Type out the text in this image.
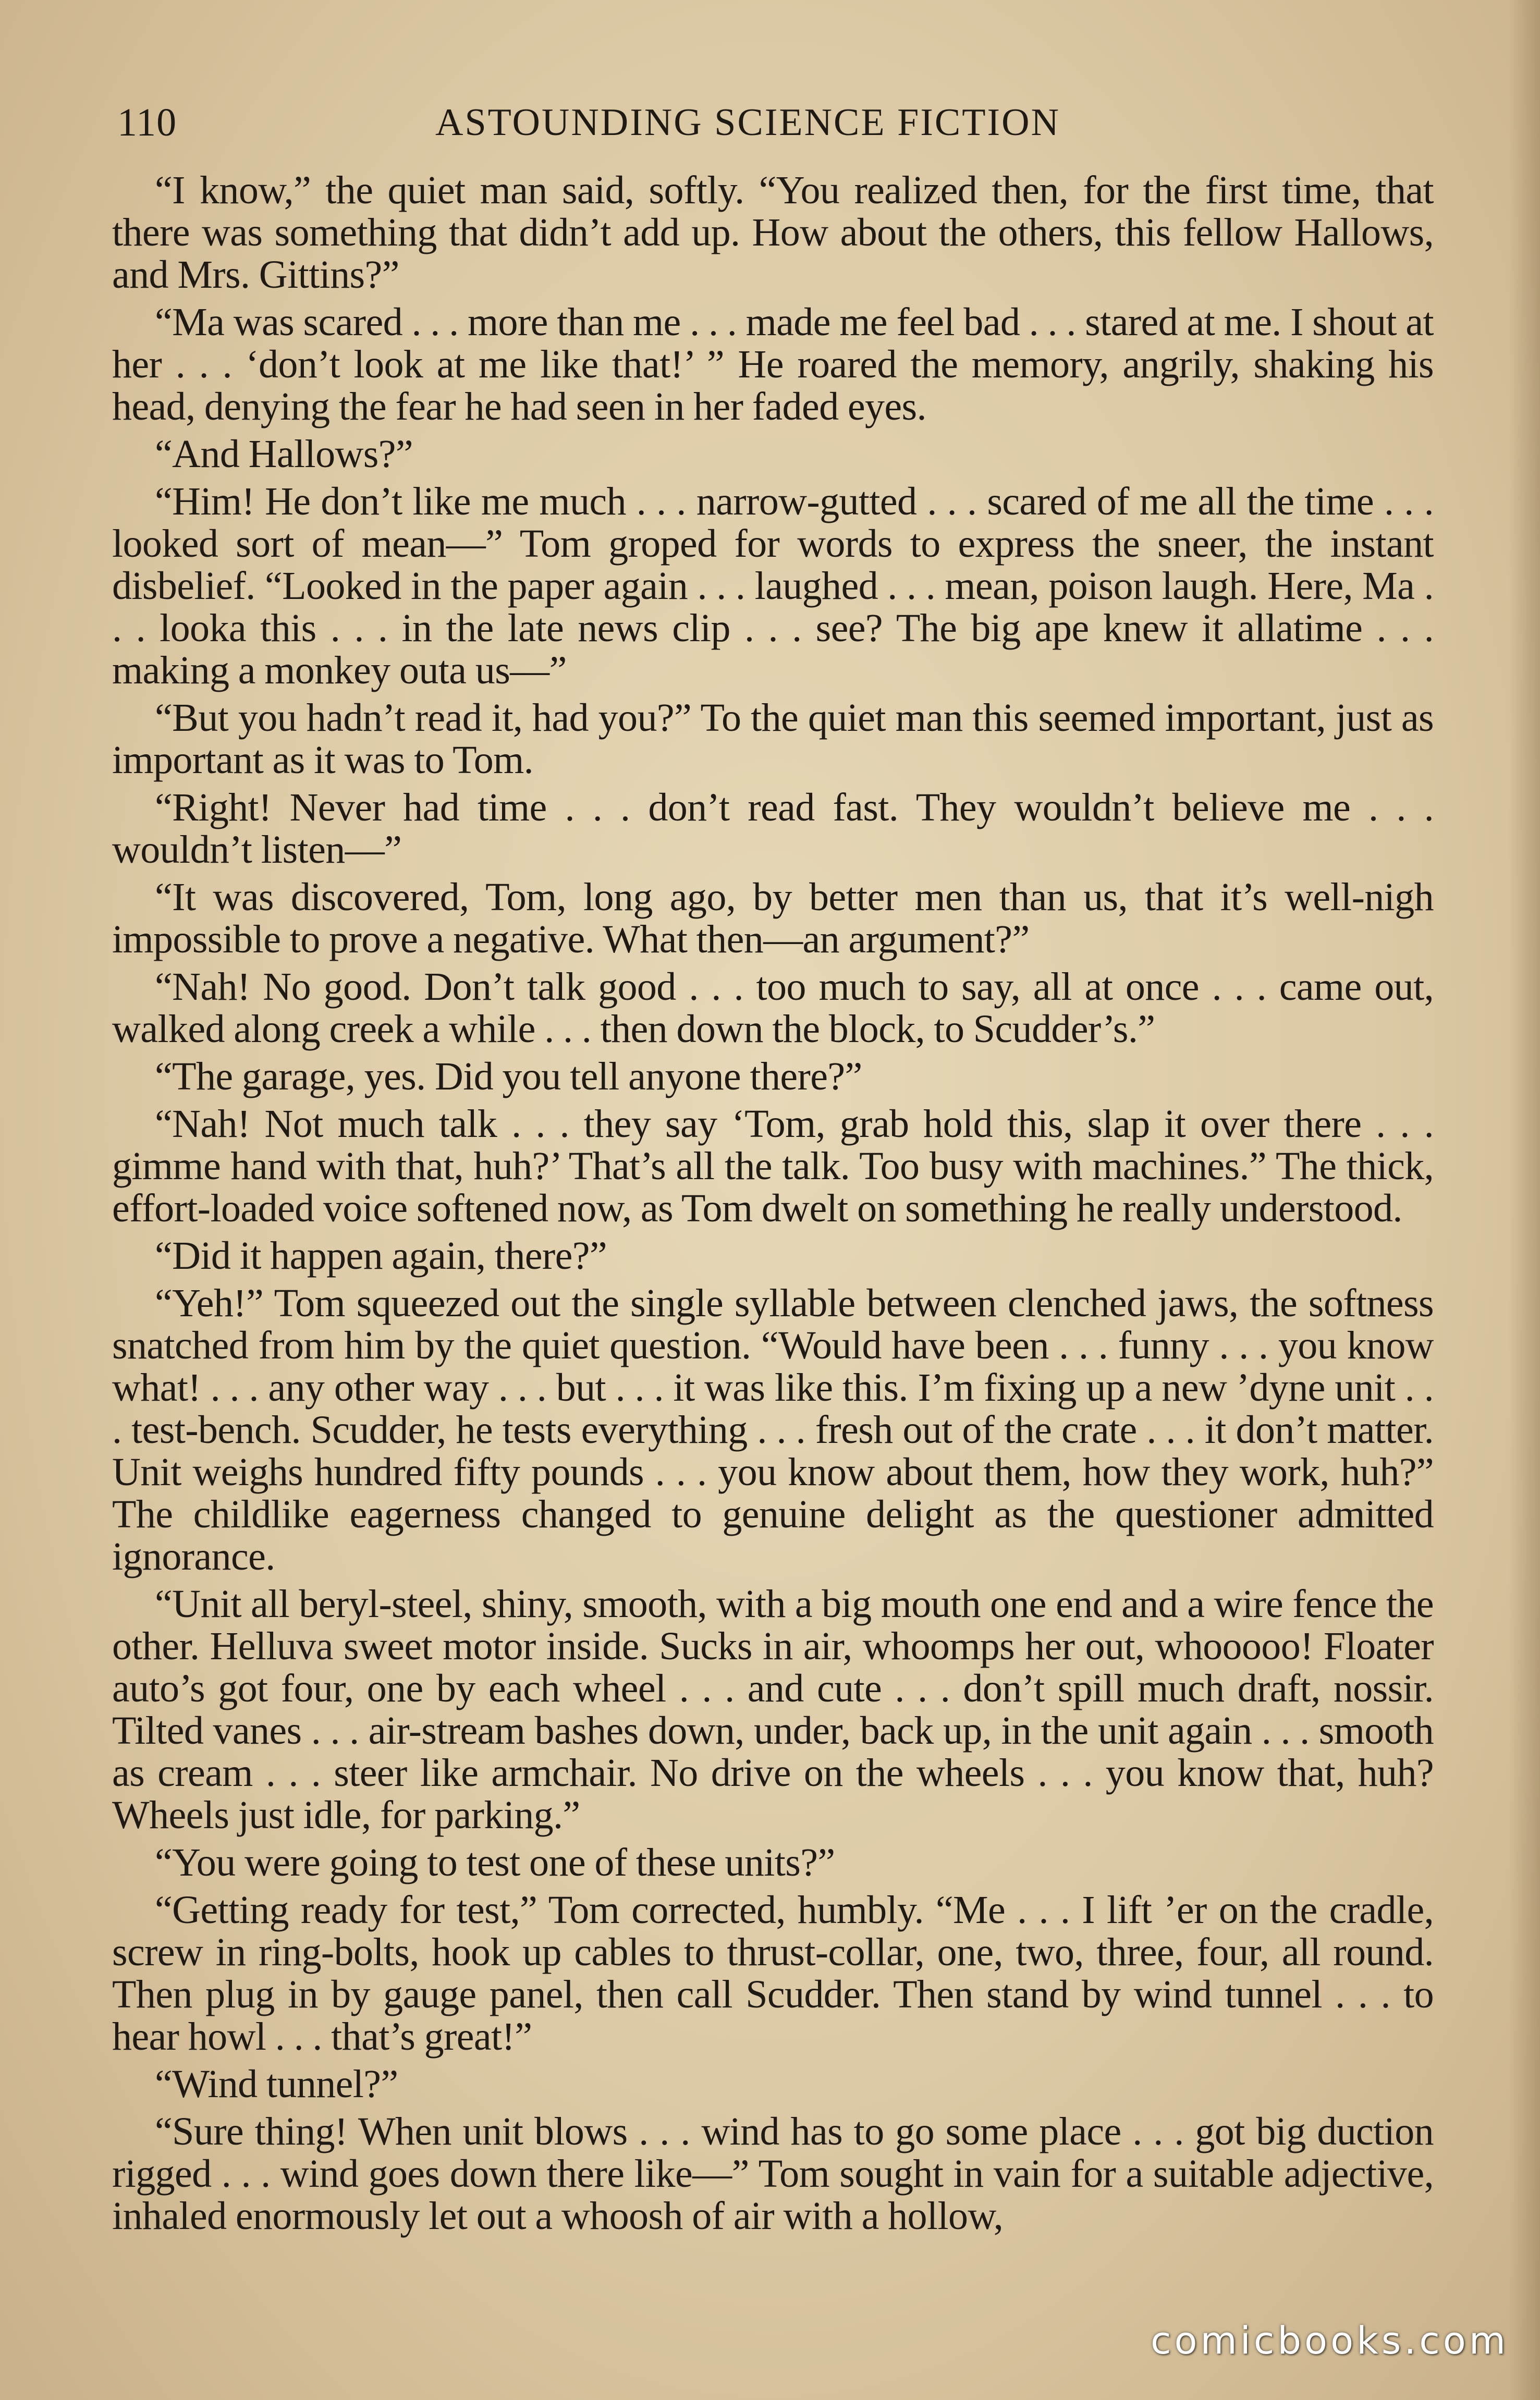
110	ASTOUNDING SCIENCE FICTION

“I know,” the quiet man said, softly. “You realized then, for the first time, that there was something that didn’t add up. How about the others, this fellow Hallows, and Mrs. Gittins?”

“Ma was scared . . . more than me . . . made me feel bad . . . stared at me. I shout at her . . . ‘don’t look at me like that!’ ” He roared the memory, angrily, shaking his head, denying the fear he had seen in her faded eyes.

“And Hallows?”

“Him! He don’t like me much . . . narrow-gutted . . . scared of me all the time . . . looked sort of mean—” Tom groped for words to express the sneer, the instant disbelief. “Looked in the paper again . . . laughed . . . mean, poison laugh. Here, Ma . . . looka this . . . in the late news clip . . . see? The big ape knew it allatime . . . making a monkey outa us—”

“But you hadn’t read it, had you?” To the quiet man this seemed important, just as important as it was to Tom.

“Right! Never had time . . . don’t read fast. They wouldn’t believe me . . . wouldn’t listen—”

“It was discovered, Tom, long ago, by better men than us, that it’s well-nigh impossible to prove a negative. What then—an argument?”

“Nah! No good. Don’t talk good . . . too much to say, all at once . . . came out, walked along creek a while . . . then down the block, to Scudder’s.”

“The garage, yes. Did you tell anyone there?”

“Nah! Not much talk . . . they say ‘Tom, grab hold this, slap it over there . . . gimme hand with that, huh?’ That’s all the talk. Too busy with machines.” The thick, effort-loaded voice softened now, as Tom dwelt on something he really understood.

“Did it happen again, there?”

“Yeh!” Tom squeezed out the single syllable between clenched jaws, the softness snatched from him by the quiet question. “Would have been . . . funny . . . you know what! . . . any other way . . . but . . . it was like this. I’m fixing up a new ’dyne unit . . . test-bench. Scudder, he tests everything . . . fresh out of the crate . . . it don’t matter. Unit weighs hundred fifty pounds . . . you know about them, how they work, huh?” The childlike eagerness changed to genuine delight as the questioner admitted ignorance.

“Unit all beryl-steel, shiny, smooth, with a big mouth one end and a wire fence the other. Helluva sweet motor inside. Sucks in air, whoomps her out, whooooo! Floater auto’s got four, one by each wheel . . . and cute . . . don’t spill much draft, nossir. Tilted vanes . . . air-stream bashes down, under, back up, in the unit again . . . smooth as cream . . . steer like armchair. No drive on the wheels . . . you know that, huh? Wheels just idle, for parking.”

“You were going to test one of these units?”

“Getting ready for test,” Tom corrected, humbly. “Me . . . I lift ’er on the cradle, screw in ring-bolts, hook up cables to thrust-collar, one, two, three, four, all round. Then plug in by gauge panel, then call Scudder. Then stand by wind tunnel . . . to hear howl . . . that’s great!”

“Wind tunnel?”

“Sure thing! When unit blows . . . wind has to go some place . . . got big duction rigged . . . wind goes down there like—” Tom sought in vain for a suitable adjective, inhaled enormously let out a whoosh of air with a hollow,

comicbooks.com
